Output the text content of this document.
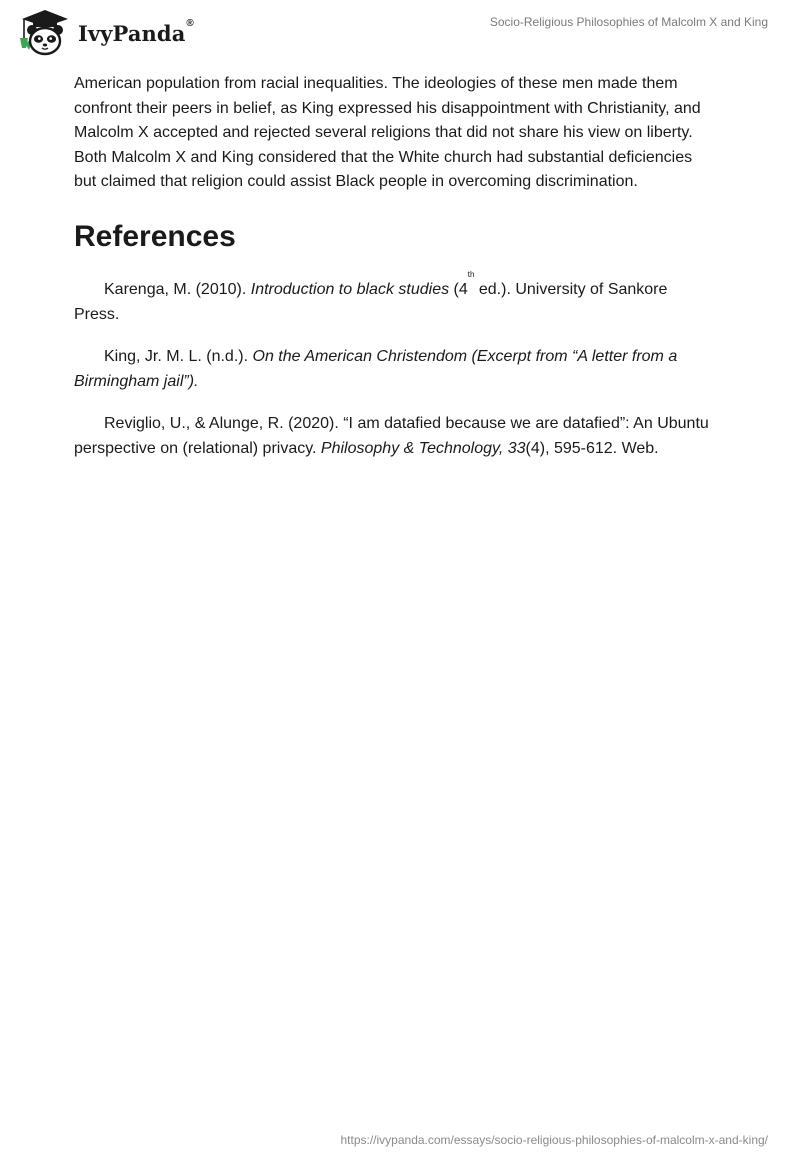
IvyPanda®	Socio-Religious Philosophies of Malcolm X and King

American population from racial inequalities. The ideologies of these men made them confront their peers in belief, as King expressed his disappointment with Christianity, and Malcolm X accepted and rejected several religions that did not share his view on liberty. Both Malcolm X and King considered that the White church had substantial deficiencies but claimed that religion could assist Black people in overcoming discrimination.

References

Karenga, M. (2010). Introduction to black studies (4th ed.). University of Sankore Press.

King, Jr. M. L. (n.d.). On the American Christendom (Excerpt from “A letter from a Birmingham jail”).

Reviglio, U., & Alunge, R. (2020). “I am datafied because we are datafied”: An Ubuntu perspective on (relational) privacy. Philosophy & Technology, 33(4), 595-612. Web.

https://ivypanda.com/essays/socio-religious-philosophies-of-malcolm-x-and-king/
